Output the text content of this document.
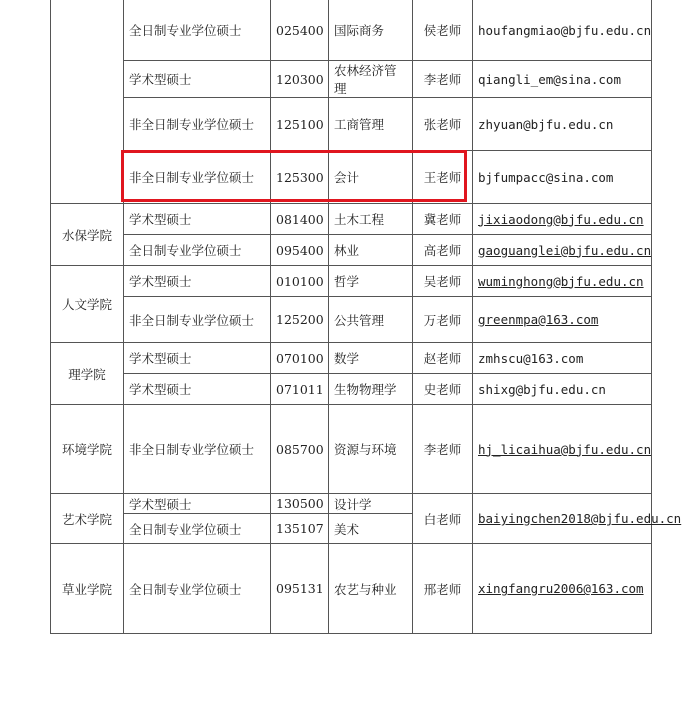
	全日制专业学位硕士	025400	国际商务	侯老师	houfangmiao@bjfu.edu.cn
	学术型硕士	120300	农林经济管理	李老师	qiangli_em@sina.com
	非全日制专业学位硕士	125100	工商管理	张老师	zhyuan@bjfu.edu.cn
	非全日制专业学位硕士	125300	会计	王老师	bjfumpacc@sina.com
水保学院	学术型硕士	081400	土木工程	冀老师	jixiaodong@bjfu.edu.cn
	全日制专业学位硕士	095400	林业	高老师	gaoguanglei@bjfu.edu.cn
人文学院	学术型硕士	010100	哲学	吴老师	wuminghong@bjfu.edu.cn
	非全日制专业学位硕士	125200	公共管理	万老师	greenmpa@163.com
理学院	学术型硕士	070100	数学	赵老师	zmhscu@163.com
	学术型硕士	071011	生物物理学	史老师	shixg@bjfu.edu.cn
环境学院	非全日制专业学位硕士	085700	资源与环境	李老师	hj_licaihua@bjfu.edu.cn
艺术学院	学术型硕士	130500	设计学	白老师	baiyingchen2018@bjfu.edu.cn
	全日制专业学位硕士	135107	美术		
草业学院	全日制专业学位硕士	095131	农艺与种业	邢老师	xingfangru2006@163.com
